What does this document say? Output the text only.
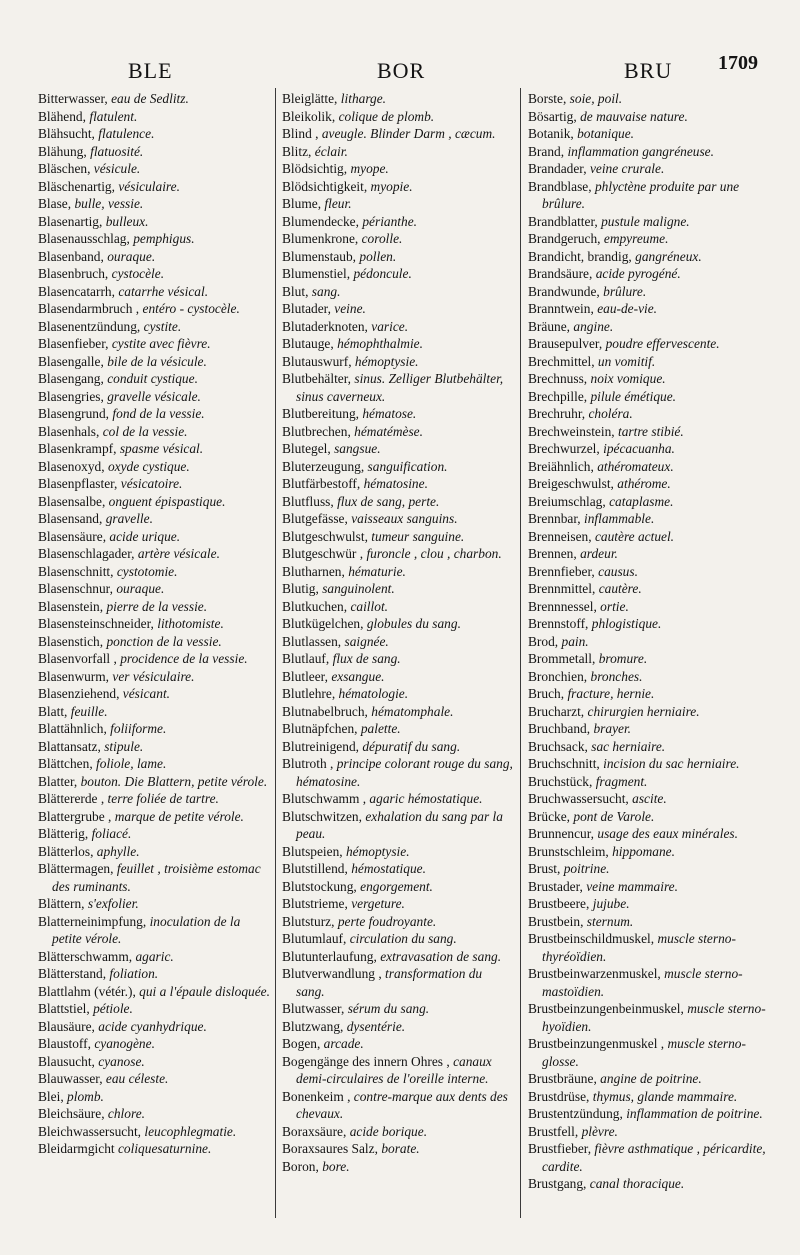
BLE	BOR	BRU 1709

Bitterwasser, eau de Sedlitz.

Blähend, flatulent.

Blähsucht, flatulence.

Blähung, flatuosité.

Bläschen, vésicule.

Bläschenartig, vésiculaire.

Blase, bulle, vessie.

Blasenartig, bulleux.

Blasenausschlag, pemphigus.

Blasenband, ouraque.

Blasenbruch, cystocèle.

Blasencatarrh, catarrhe vésical.

Blasendarmbruch , entéro - cystocèle.

Blasenentzündung, cystite.

Blasenfieber, cystite avec fièvre.

Blasengalle, bile de la vésicule.

Blasengang, conduit cystique.

Blasengries, gravelle vésicale.

Blasengrund, fond de la vessie.

Blasenhals, col de la vessie.

Blasenkrampf, spasme vésical.

Blasenoxyd, oxyde cystique.

Blasenpflaster, vésicatoire.

Blasensalbe, onguent épispastique.

Blasensand, gravelle.

Blasensäure, acide urique.

Blasenschlagader, artère vésicale.

Blasenschnitt, cystotomie.

Blasenschnur, ouraque.

Blasenstein, pierre de la vessie.

Blasensteinschneider, lithotomiste.

Blasenstich, ponction de la vessie.

Blasenvorfall , procidence de la vessie.

Blasenwurm, ver vésiculaire.

Blasenziehend, vésicant.

Blatt, feuille.

Blattähnlich, foliiforme.

Blattansatz, stipule.

Blättchen, foliole, lame.

Blatter, bouton. Die Blattern, petite vérole.

Blättererde , terre foliée de tartre.

Blattergrube , marque de petite vérole.

Blätterig, foliacé.

Blätterlos, aphylle.

Blättermagen, feuillet , troisième estomac des ruminants.

Blättern, s'exfolier.

Blatterneinimpfung, inoculation de la petite vérole.

Blätterschwamm, agaric.

Blätterstand, foliation.

Blattlahm (vétér.), qui a l'épaule disloquée.

Blattstiel, pétiole.

Blausäure, acide cyanhydrique.

Blaustoff, cyanogène.

Blausucht, cyanose.

Blauwasser, eau céleste.

Blei, plomb.

Bleichsäure, chlore.

Bleichwassersucht, leucophlegmatie.

Bleidarmgicht coliquesaturnine.

Bleiglätte, litharge.

Bleikolik, colique de plomb.

Blind , aveugle. Blinder Darm , cæcum.

Blitz, éclair.

Blödsichtig, myope.

Blödsichtigkeit, myopie.

Blume, fleur.

Blumendecke, périanthe.

Blumenkrone, corolle.

Blumenstaub, pollen.

Blumenstiel, pédoncule.

Blut, sang.

Blutader, veine.

Blutaderknoten, varice.

Blutauge, hémophthalmie.

Blutauswurf, hémoptysie.

Blutbehälter, sinus. Zelliger Blutbehälter, sinus caverneux.

Blutbereitung, hématose.

Blutbrechen, hématémèse.

Blutegel, sangsue.

Bluterzeugung, sanguification.

Blutfärbestoff, hématosine.

Blutfluss, flux de sang, perte.

Blutgefässe, vaisseaux sanguins.

Blutgeschwulst, tumeur sanguine.

Blutgeschwür , furoncle , clou , charbon.

Blutharnen, hématurie.

Blutig, sanguinolent.

Blutkuchen, caillot.

Blutkügelchen, globules du sang.

Blutlassen, saignée.

Blutlauf, flux de sang.

Blutleer, exsangue.

Blutlehre, hématologie.

Blutnabelbruch, hématomphale.

Blutnäpfchen, palette.

Blutreinigend, dépuratif du sang.

Blutroth , principe colorant rouge du sang, hématosine.

Blutschwamm , agaric hémostatique.

Blutschwitzen, exhalation du sang par la peau.

Blutspeien, hémoptysie.

Blutstillend, hémostatique.

Blutstockung, engorgement.

Blutstrieme, vergeture.

Blutsturz, perte foudroyante.

Blutumlauf, circulation du sang.

Blutunterlaufung, extravasation de sang.

Blutverwandlung , transformation du sang.

Blutwasser, sérum du sang.

Blutzwang, dysentérie.

Bogen, arcade.

Bogengänge des innern Ohres , canaux demi-circulaires de l'oreille interne.

Bonenkeim , contre-marque aux dents des chevaux.

Boraxsäure, acide borique.

Boraxsaures Salz, borate.

Boron, bore.

Borste, soie, poil.

Bösartig, de mauvaise nature.

Botanik, botanique.

Brand, inflammation gangréneuse.

Brandader, veine crurale.

Brandblase, phlyctène produite par une brûlure.

Brandblatter, pustule maligne.

Brandgeruch, empyreume.

Brandicht, brandig, gangréneux.

Brandsäure, acide pyrogéné.

Brandwunde, brûlure.

Branntwein, eau-de-vie.

Bräune, angine.

Brausepulver, poudre effervescente.

Brechmittel, un vomitif.

Brechnuss, noix vomique.

Brechpille, pilule émétique.

Brechruhr, choléra.

Brechweinstein, tartre stibié.

Brechwurzel, ipécacuanha.

Breiähnlich, athéromateux.

Breigeschwulst, athérome.

Breiumschlag, cataplasme.

Brennbar, inflammable.

Brenneisen, cautère actuel.

Brennen, ardeur.

Brennfieber, causus.

Brennmittel, cautère.

Brennnessel, ortie.

Brennstoff, phlogistique.

Brod, pain.

Brommetall, bromure.

Bronchien, bronches.

Bruch, fracture, hernie.

Brucharzt, chirurgien herniaire.

Bruchband, brayer.

Bruchsack, sac herniaire.

Bruchschnitt, incision du sac herniaire.

Bruchstück, fragment.

Bruchwassersucht, ascite.

Brücke, pont de Varole.

Brunnencur, usage des eaux minérales.

Brunstschleim, hippomane.

Brust, poitrine.

Brustader, veine mammaire.

Brustbeere, jujube.

Brustbein, sternum.

Brustbeinschildmuskel, muscle sterno-thyréoïdien.

Brustbeinwarzenmuskel, muscle sterno-mastoïdien.

Brustbeinzungenbeinmuskel, muscle sterno-hyoïdien.

Brustbeinzungenmuskel , muscle sterno-glosse.

Brustbräune, angine de poitrine.

Brustdrüse, thymus, glande mammaire.

Brustentzündung, inflammation de poitrine.

Brustfell, plèvre.

Brustfieber, fièvre asthmatique , péricardite, cardite.

Brustgang, canal thoracique.
